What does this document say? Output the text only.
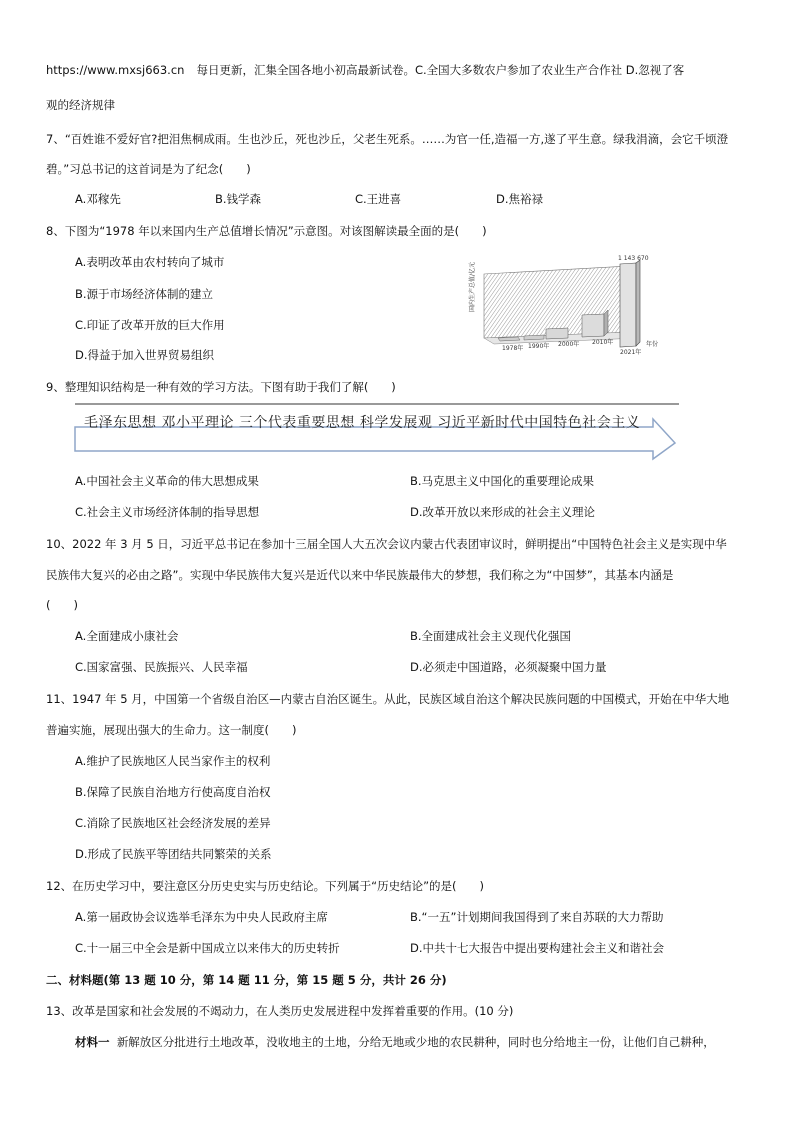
https://www.mxsj663.cn 每日更新，汇集全国各地小初高最新试卷。C.全国大多数农户参加了农业生产合作社 D.忽视了客
观的经济规律
7、“百姓谁不爱好官?把泪焦桐成雨。生也沙丘，死也沙丘，父老生死系。……为官一任,造福一方,遂了平生意。绿我涓滴，会它千顷澄
碧。”习总书记的这首词是为了纪念(　　)
A.邓稼先	B.钱学森	C.王进喜	D.焦裕禄
8、下图为“1978 年以来国内生产总值增长情况”示意图。对该图解读最全面的是(　　)
A.表明改革由农村转向了城市
B.源于市场经济体制的建立
C.印证了改革开放的巨大作用
D.得益于加入世界贸易组织
国内生产总值/亿元
1 143 670
1978年 1990年 2000年 2010年
2021年
年份
9、整理知识结构是一种有效的学习方法。下图有助于我们了解(　　)
毛泽东思想 邓小平理论 三个代表重要思想 科学发展观 习近平新时代中国特色社会主义
A.中国社会主义革命的伟大思想成果	B.马克思主义中国化的重要理论成果
C.社会主义市场经济体制的指导思想	D.改革开放以来形成的社会主义理论
10、2022 年 3 月 5 日，习近平总书记在参加十三届全国人大五次会议内蒙古代表团审议时，鲜明提出“中国特色社会主义是实现中华
民族伟大复兴的必由之路”。实现中华民族伟大复兴是近代以来中华民族最伟大的梦想，我们称之为“中国梦”，其基本内涵是
(　　)
A.全面建成小康社会	B.全面建成社会主义现代化强国
C.国家富强、民族振兴、人民幸福	D.必须走中国道路，必须凝聚中国力量
11、1947 年 5 月，中国第一个省级自治区—内蒙古自治区诞生。从此，民族区域自治这个解决民族问题的中国模式，开始在中华大地
普遍实施，展现出强大的生命力。这一制度(　　)
A.维护了民族地区人民当家作主的权利
B.保障了民族自治地方行使高度自治权
C.消除了民族地区社会经济发展的差异
D.形成了民族平等团结共同繁荣的关系
12、在历史学习中，要注意区分历史史实与历史结论。下列属于“历史结论”的是(　　)
A.第一届政协会议选举毛泽东为中央人民政府主席	B.“一五”计划期间我国得到了来自苏联的大力帮助
C.十一届三中全会是新中国成立以来伟大的历史转折	D.中共十七大报告中提出要构建社会主义和谐社会
二、材料题(第 13 题 10 分，第 14 题 11 分，第 15 题 5 分，共计 26 分)
13、改革是国家和社会发展的不竭动力，在人类历史发展进程中发挥着重要的作用。(10 分)
材料一 新解放区分批进行土地改革，没收地主的土地，分给无地或少地的农民耕种，同时也分给地主一份，让他们自己耕种，
